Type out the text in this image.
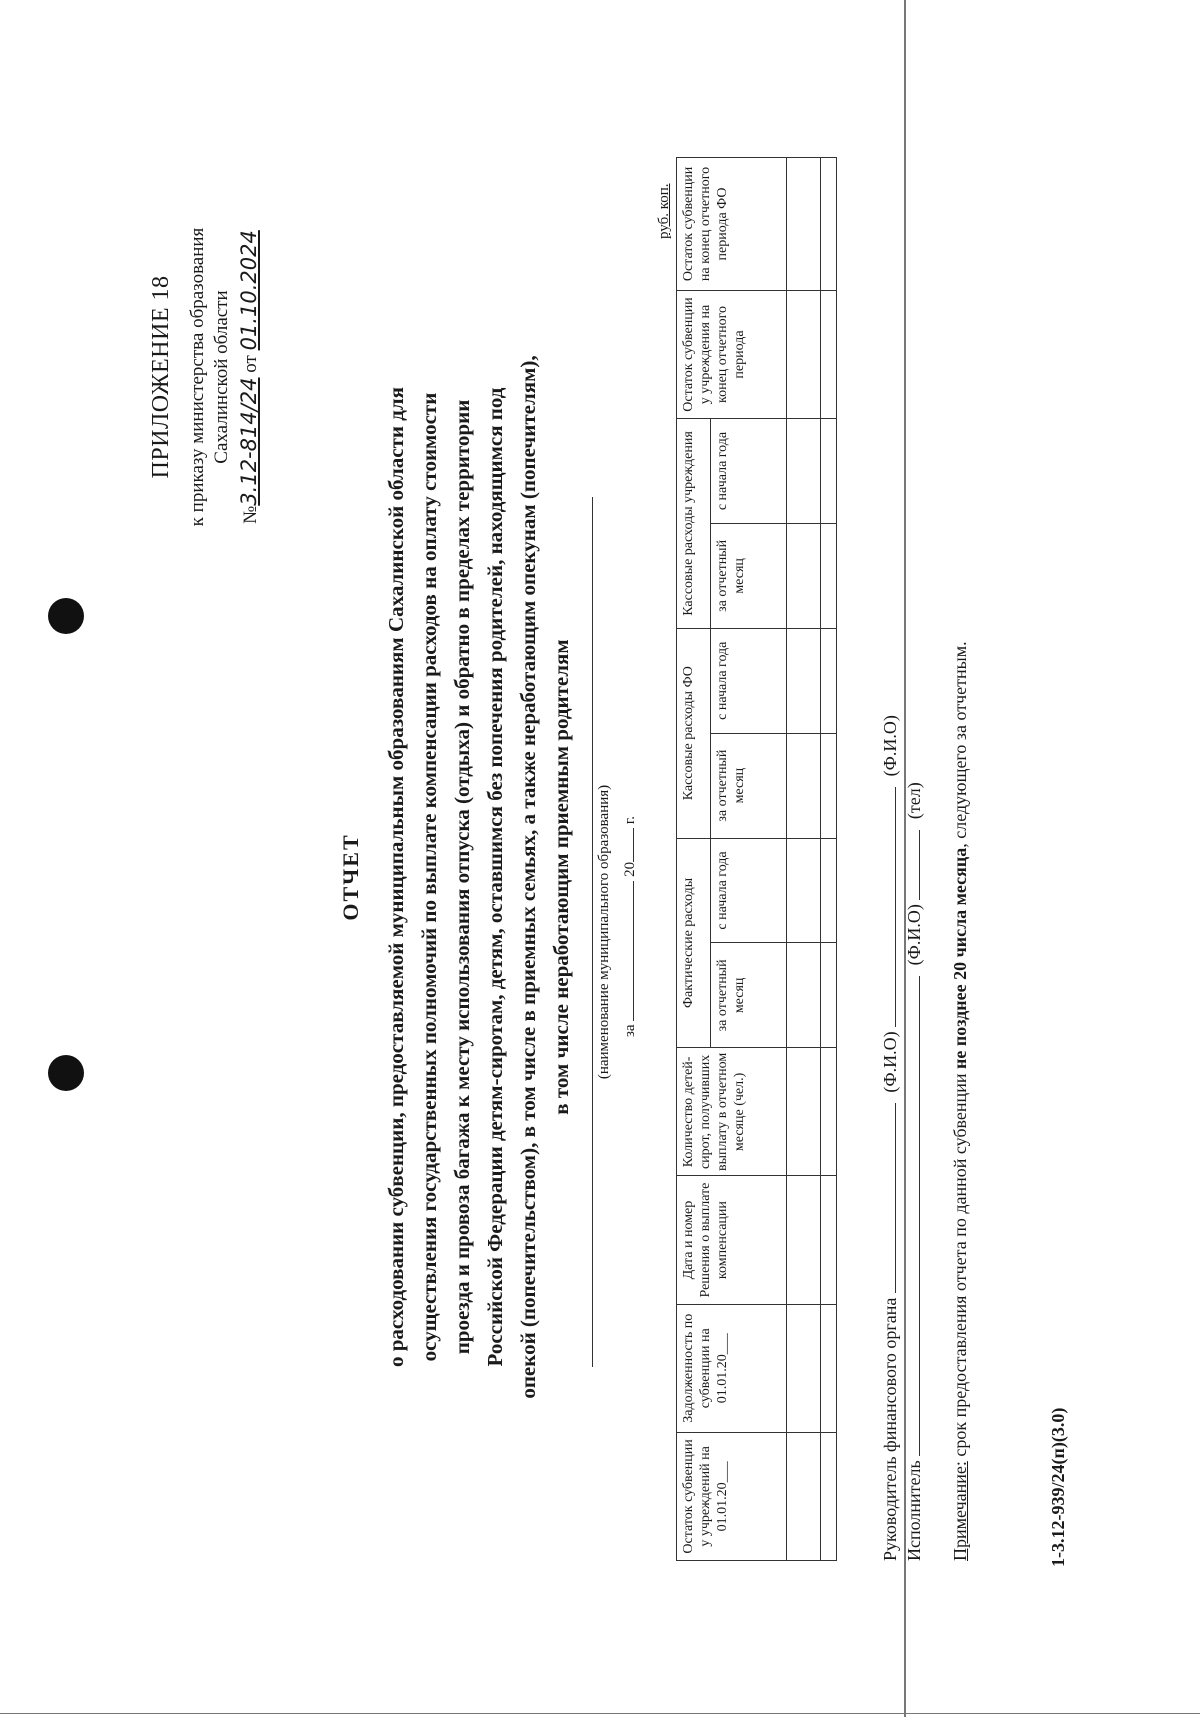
ПРИЛОЖЕНИЕ 18 к приказу министерства образования Сахалинской области
№3.12-814/24 от 01.10.2024
ОТЧЕТ о расходовании субвенции, предоставляемой муниципальным образованиям Сахалинской области для осуществления государственных полномочий по выплате компенсации расходов на оплату стоимости проезда и провоза багажа к месту использования отпуска (отдыха) и обратно в пределах территории Российской Федерации детям-сиротам, детям, оставшимся без попечения родителей, находящимся под опекой (попечительством), в том числе в приемных семьях, а также неработающим опекунам (попечителям), в том числе неработающим приемным родителям	(наименование муниципального образования) за  20 г.
руб. коп.
Остаток субвенции у учреждений на 01.01.20___	Задолженность по субвенции на 01.01.20___	Дата и номер Решения о выплате компенсации	Количество детей-сирот, получивших выплату в отчетном месяце (чел.)	Фактические расходы		Кассовые расходы ФО		Кассовые расходы учреждения		Остаток субвенции у учреждения на конец отчетного периода	Остаток субвенции на конец отчетного периода ФО
				за отчетный месяц	с начала года	за отчетный месяц	с начала года	за отчетный месяц	с начала года		

Руководитель финансового органа  (Ф.И.О)  (Ф.И.О)
Исполнитель  (Ф.И.О)  (тел)
Примечание: срок предоставления отчета по данной субвенции не позднее 20 числа месяца, следующего за отчетным.
1-3.12-939/24(п)(3.0)
